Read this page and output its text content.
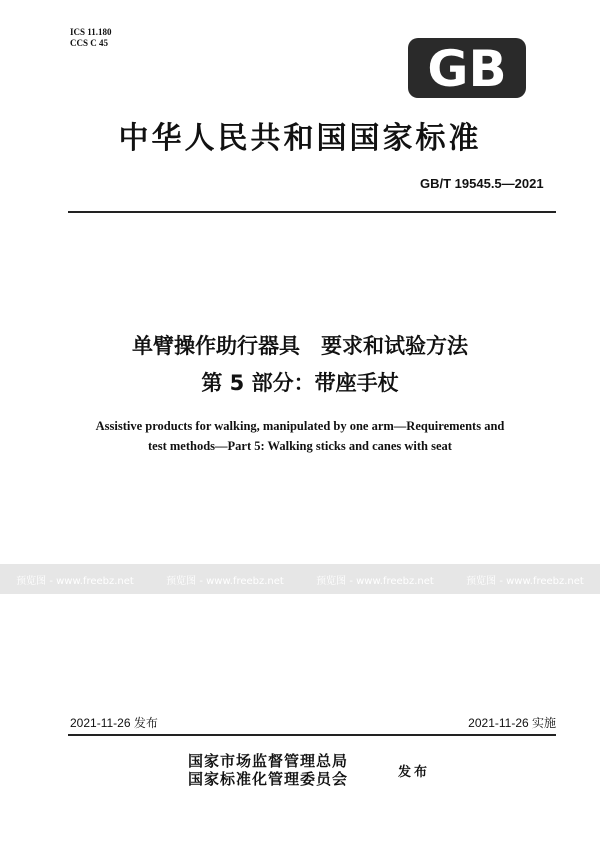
ICS 11.180
CCS C 45	GB
中华人民共和国国家标准
GB/T 19545.5—2021
单臂操作助行器具　要求和试验方法
第 5 部分：带座手杖
Assistive products for walking, manipulated by one arm—Requirements and
test methods—Part 5: Walking sticks and canes with seat
预览图 - www.freebz.net	预览图 - www.freebz.net	预览图 - www.freebz.net	预览图 - www.freebz.net
2021-11-26 发布	2021-11-26 实施
国家市场监督管理总局
国家标准化管理委员会	发布
